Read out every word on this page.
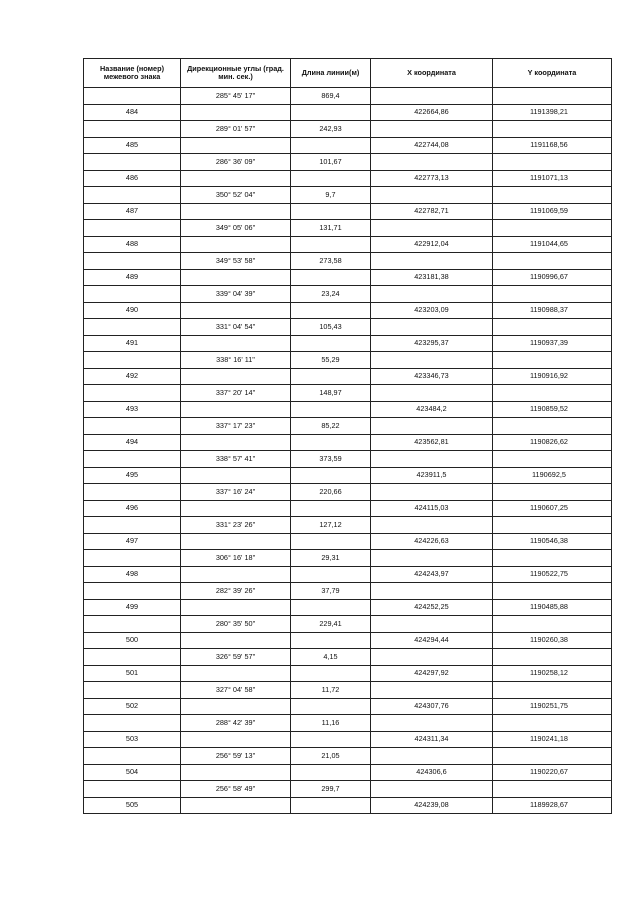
Название (номер) межевого знака	Дирекционные углы (град. мин. сек.)	Длина линии(м)	X координата	Y координата
	285° 45' 17"	869,4		
484			422664,86	1191398,21
	289° 01' 57"	242,93		
485			422744,08	1191168,56
	286° 36' 09"	101,67		
486			422773,13	1191071,13
	350° 52' 04"	9,7		
487			422782,71	1191069,59
	349° 05' 06"	131,71		
488			422912,04	1191044,65
	349° 53' 58"	273,58		
489			423181,38	1190996,67
	339° 04' 39"	23,24		
490			423203,09	1190988,37
	331° 04' 54"	105,43		
491			423295,37	1190937,39
	338° 16' 11"	55,29		
492			423346,73	1190916,92
	337° 20' 14"	148,97		
493			423484,2	1190859,52
	337° 17' 23"	85,22		
494			423562,81	1190826,62
	338° 57' 41"	373,59		
495			423911,5	1190692,5
	337° 16' 24"	220,66		
496			424115,03	1190607,25
	331° 23' 26"	127,12		
497			424226,63	1190546,38
	306° 16' 18"	29,31		
498			424243,97	1190522,75
	282° 39' 26"	37,79		
499			424252,25	1190485,88
	280° 35' 50"	229,41		
500			424294,44	1190260,38
	326° 59' 57"	4,15		
501			424297,92	1190258,12
	327° 04' 58"	11,72		
502			424307,76	1190251,75
	288° 42' 39"	11,16		
503			424311,34	1190241,18
	256° 59' 13"	21,05		
504			424306,6	1190220,67
	256° 58' 49"	299,7		
505			424239,08	1189928,67
